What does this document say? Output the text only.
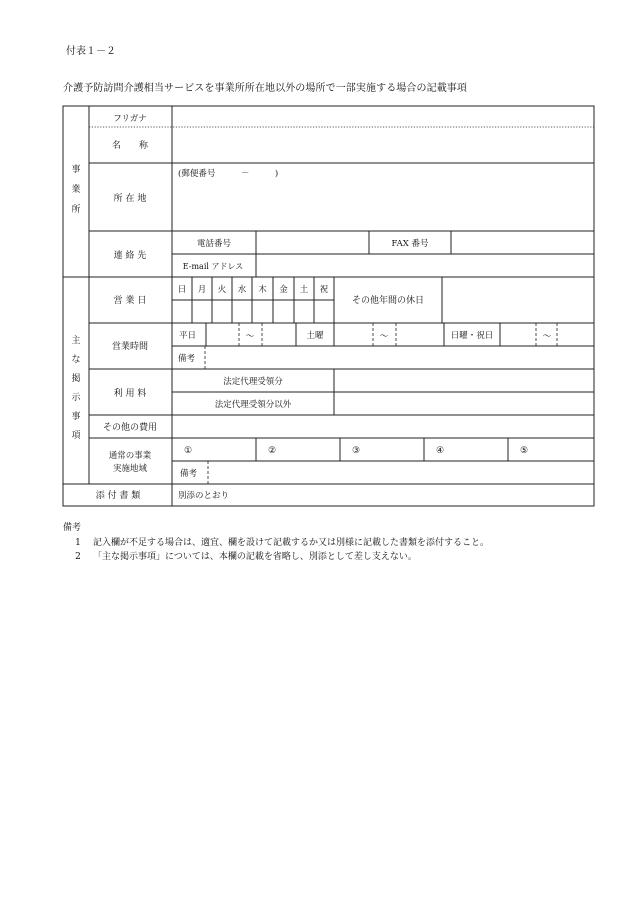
付表１－２
介護予防訪問介護相当サービスを事業所所在地以外の場所で一部実施する場合の記載事項
事
業
所
主
な
掲
示
事
項
フリガナ
名　　称
所 在 地
(郵便番号　　　－　　　)
連 絡 先
電話番号	FAX 番号
E-mail アドレス
営 業 日
日 月 火 水 木 金 土 祝
その他年間の休日
営業時間
平日	～	土曜	～	日曜・祝日	～
備考
利 用 料
法定代理受領分
法定代理受領分以外
その他の費用
通常の事業
実施地域
①	②	③	④	⑤
備考
添 付 書 類	別添のとおり
備考
1	記入欄が不足する場合は、適宜、欄を設けて記載するか又は別様に記載した書類を添付すること。
2	「主な掲示事項」については、本欄の記載を省略し、別添として差し支えない。
